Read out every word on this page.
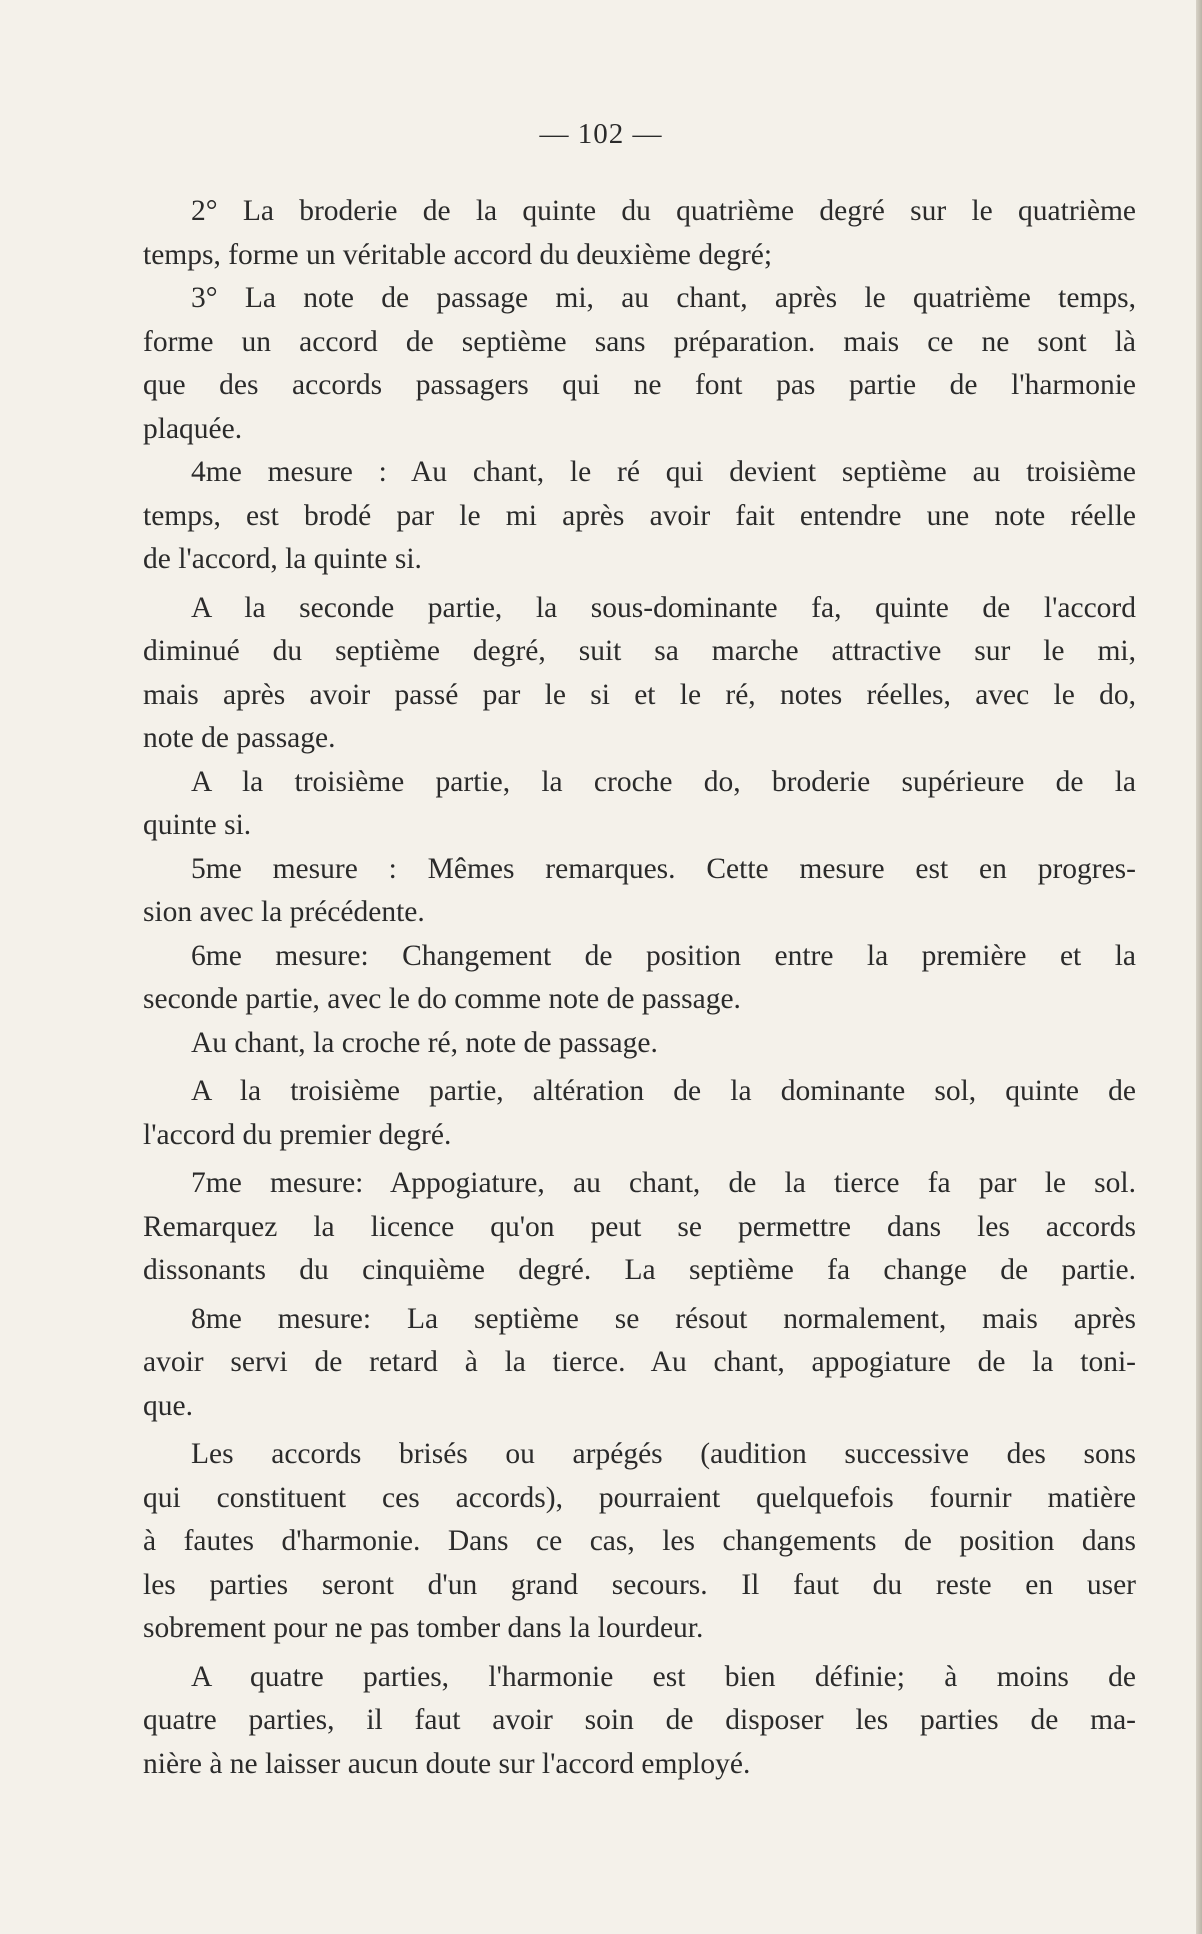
— 102 —
2° La broderie de la quinte du quatrième degré sur le quatrième
temps, forme un véritable accord du deuxième degré;
3° La note de passage mi, au chant, après le quatrième temps,
forme un accord de septième sans préparation. mais ce ne sont là
que des accords passagers qui ne font pas partie de l'harmonie
plaquée.
4me mesure : Au chant, le ré qui devient septième au troisième
temps, est brodé par le mi après avoir fait entendre une note réelle
de l'accord, la quinte si.
A la seconde partie, la sous-dominante fa, quinte de l'accord
diminué du septième degré, suit sa marche attractive sur le mi,
mais après avoir passé par le si et le ré, notes réelles, avec le do,
note de passage.
A la troisième partie, la croche do, broderie supérieure de la
quinte si.
5me mesure : Mêmes remarques. Cette mesure est en progres-
sion avec la précédente.
6me mesure: Changement de position entre la première et la
seconde partie, avec le do comme note de passage.
Au chant, la croche ré, note de passage.
A la troisième partie, altération de la dominante sol, quinte de
l'accord du premier degré.
7me mesure: Appogiature, au chant, de la tierce fa par le sol.
Remarquez la licence qu'on peut se permettre dans les accords
dissonants du cinquième degré. La septième fa change de partie.
8me mesure: La septième se résout normalement, mais après
avoir servi de retard à la tierce. Au chant, appogiature de la toni-
que.
Les accords brisés ou arpégés (audition successive des sons
qui constituent ces accords), pourraient quelquefois fournir matière
à fautes d'harmonie. Dans ce cas, les changements de position dans
les parties seront d'un grand secours. Il faut du reste en user
sobrement pour ne pas tomber dans la lourdeur.
A quatre parties, l'harmonie est bien définie; à moins de
quatre parties, il faut avoir soin de disposer les parties de ma-
nière à ne laisser aucun doute sur l'accord employé.
